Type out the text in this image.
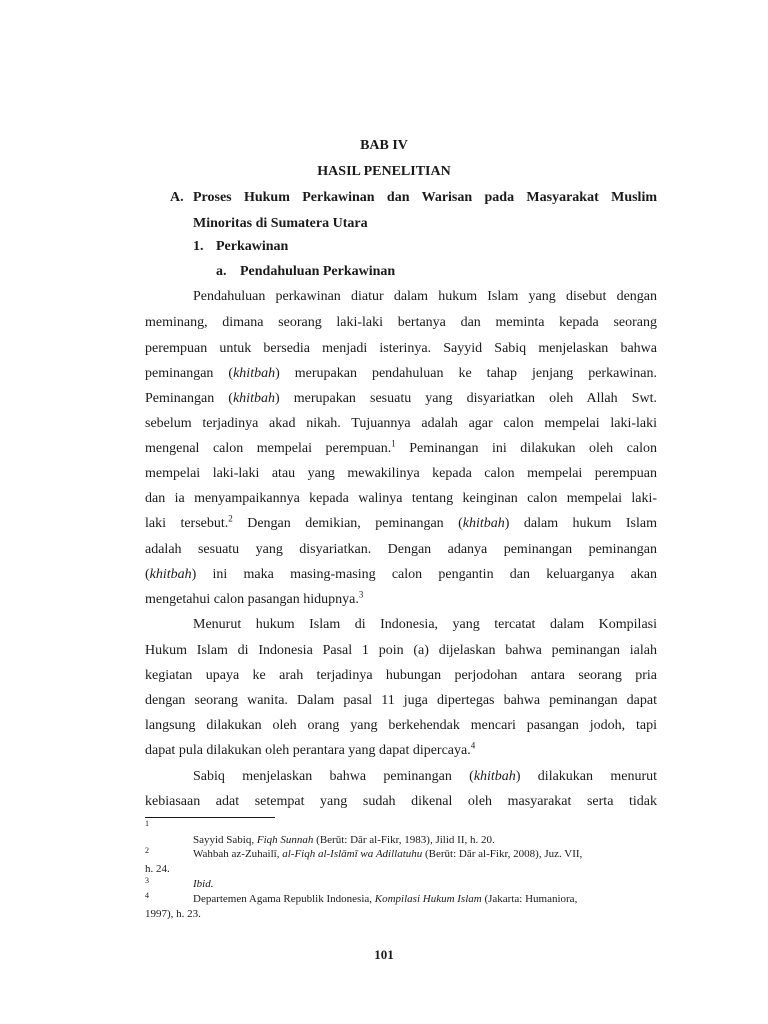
BAB IV
HASIL PENELITIAN
A. Proses Hukum Perkawinan dan Warisan pada Masyarakat Muslim
Minoritas di Sumatera Utara
1. Perkawinan
a. Pendahuluan Perkawinan
Pendahuluan perkawinan diatur dalam hukum Islam yang disebut dengan
meminang, dimana seorang laki-laki bertanya dan meminta kepada seorang
perempuan untuk bersedia menjadi isterinya. Sayyid Sabiq menjelaskan bahwa
peminangan (khitbah) merupakan pendahuluan ke tahap jenjang perkawinan.
Peminangan (khitbah) merupakan sesuatu yang disyariatkan oleh Allah Swt.
sebelum terjadinya akad nikah. Tujuannya adalah agar calon mempelai laki-laki
mengenal calon mempelai perempuan.$^1$ Peminangan ini dilakukan oleh calon
mempelai laki-laki atau yang mewakilinya kepada calon mempelai perempuan
dan ia menyampaikannya kepada walinya tentang keinginan calon mempelai laki-
laki tersebut.$^2$ Dengan demikian, peminangan (khitbah) dalam hukum Islam
adalah sesuatu yang disyariatkan. Dengan adanya peminangan peminangan
(khitbah) ini maka masing-masing calon pengantin dan keluarganya akan
mengetahui calon pasangan hidupnya.$^3$
Menurut hukum Islam di Indonesia, yang tercatat dalam Kompilasi
Hukum Islam di Indonesia Pasal 1 poin (a) dijelaskan bahwa peminangan ialah
kegiatan upaya ke arah terjadinya hubungan perjodohan antara seorang pria
dengan seorang wanita. Dalam pasal 11 juga dipertegas bahwa peminangan dapat
langsung dilakukan oleh orang yang berkehendak mencari pasangan jodoh, tapi
dapat pula dilakukan oleh perantara yang dapat dipercaya.$^4$
Sabiq menjelaskan bahwa peminangan (khitbah) dilakukan menurut
kebiasaan adat setempat yang sudah dikenal oleh masyarakat serta tidak
1
Sayyid Sabiq, Fiqh Sunnah (Berūt: Dār al-Fikr, 1983), Jilid II, h. 20.
2	Wahbah az-Zuhailī, al-Fiqh al-Islāmī wa Adillatuhu (Berūt: Dār al-Fikr, 2008), Juz. VII,
h. 24.
3	Ibid.
4	Departemen Agama Republik Indonesia, Kompilasi Hukum Islam (Jakarta: Humaniora,
1997), h. 23.
101
